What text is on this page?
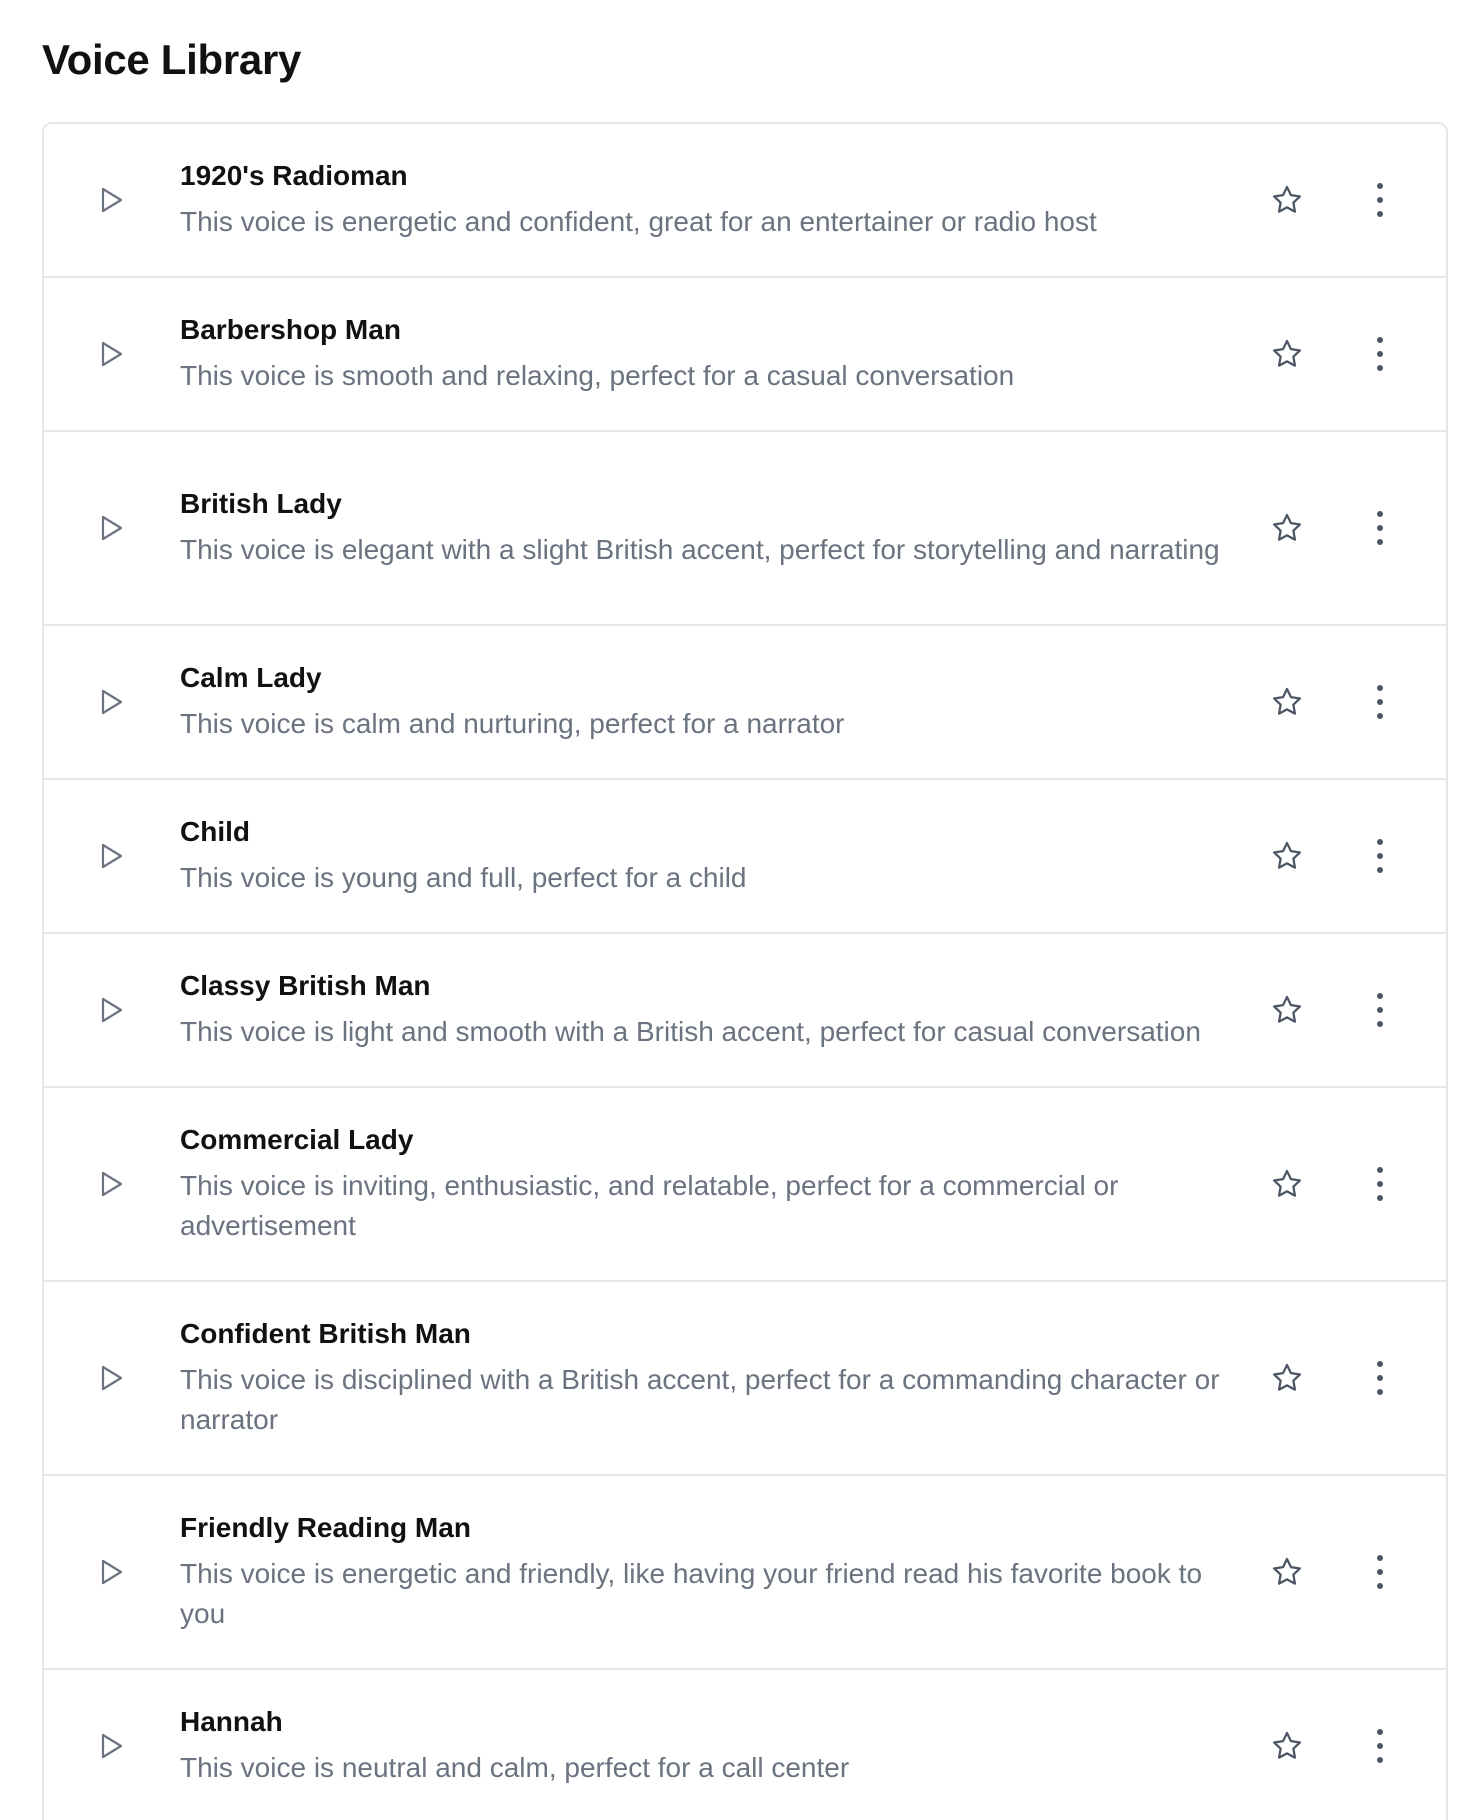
Voice Library
1920's Radioman
This voice is energetic and confident, great for an entertainer or radio host
Barbershop Man
This voice is smooth and relaxing, perfect for a casual conversation
British Lady
This voice is elegant with a slight British accent, perfect for storytelling and narrating
Calm Lady
This voice is calm and nurturing, perfect for a narrator
Child
This voice is young and full, perfect for a child
Classy British Man
This voice is light and smooth with a British accent, perfect for casual conversation
Commercial Lady
This voice is inviting, enthusiastic, and relatable, perfect for a commercial or advertisement
Confident British Man
This voice is disciplined with a British accent, perfect for a commanding character or narrator
Friendly Reading Man
This voice is energetic and friendly, like having your friend read his favorite book to you
Hannah
This voice is neutral and calm, perfect for a call center
